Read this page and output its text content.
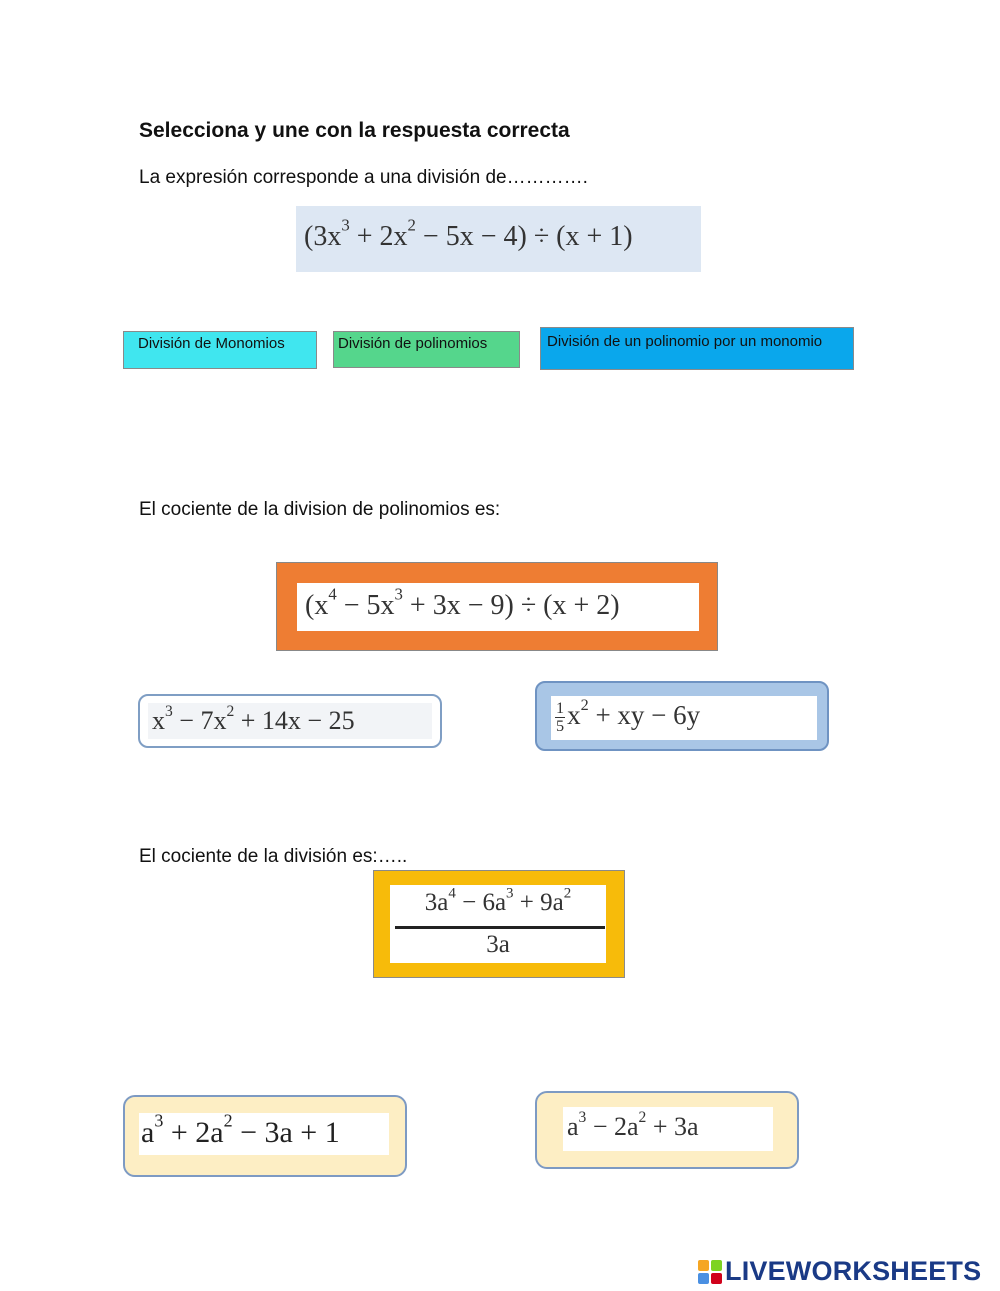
Selecciona y une con la respuesta correcta
La expresión corresponde a una división de………….
$(3x^3 + 2x^2 - 5x - 4) \div (x + 1)$
División de Monomios	División de polinomios	División de un polinomio por un monomio
El cociente de la division de polinomios es:
$(x^4 - 5x^3 + 3x - 9) \div (x + 2)$
$x^3 - 7x^2 + 14x - 25$	$\frac{1}{5} x^2$ + xy − 6y
El cociente de la división es:…..
$3a^4 - 6a^3 + 9a^2$
3a
$a^3 + 2a^2 - 3a + 1$	$a^3 - 2a^2 + 3a$
LIVEWORKSHEETS
